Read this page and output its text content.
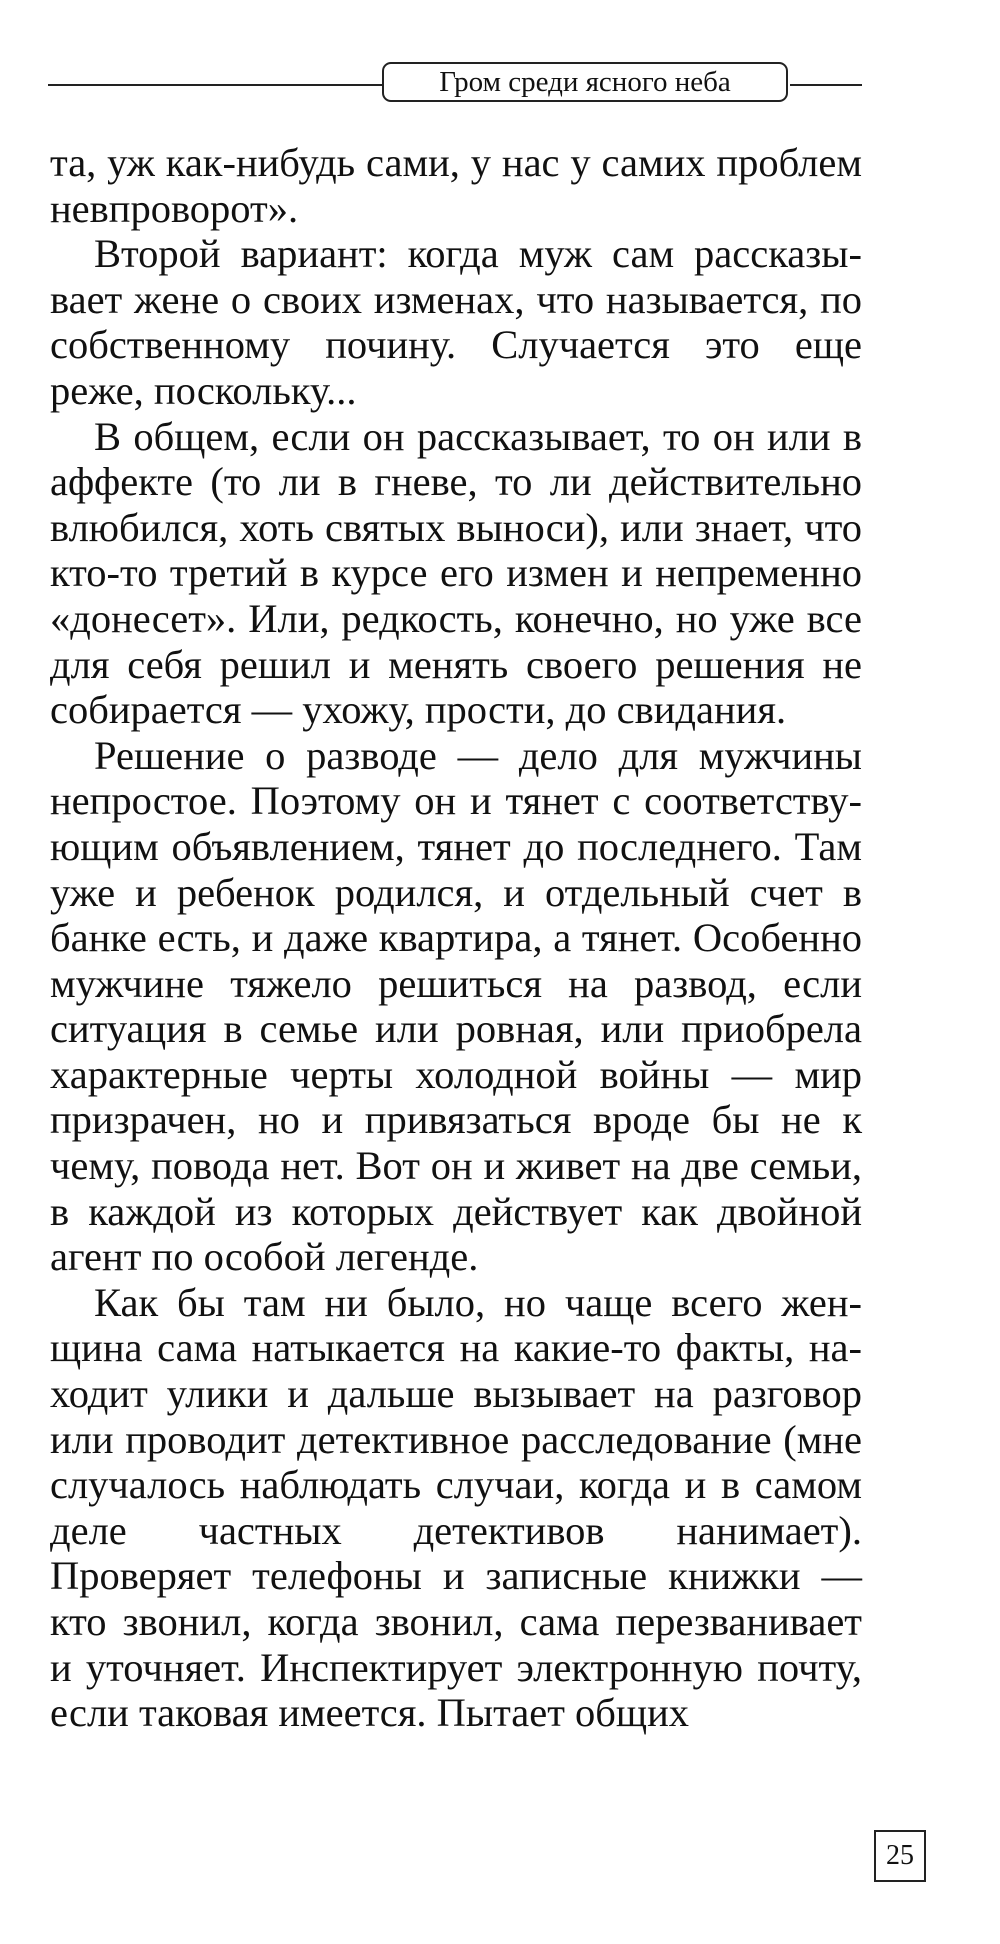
Гром среди ясного неба

та, уж как-нибудь сами, у нас у самих проблем невпроворот».

Второй вариант: когда муж сам рассказывает жене о своих изменах, что называется, по собственному почину. Случается это еще реже, поскольку...

В общем, если он рассказывает, то он или в аффекте (то ли в гневе, то ли действительно влюбился, хоть святых выноси), или знает, что кто-то третий в курсе его измен и непременно «донесет». Или, редкость, конечно, но уже все для себя решил и менять своего решения не собирается — ухожу, прости, до свидания.

Решение о разводе — дело для мужчины непростое. Поэтому он и тянет с соответствующим объявлением, тянет до последнего. Там уже и ребенок родился, и отдельный счет в банке есть, и даже квартира, а тянет. Особенно мужчине тяжело решиться на развод, если ситуация в семье или ровная, или приобрела характерные черты холодной войны — мир призрачен, но и привязаться вроде бы не к чему, повода нет. Вот он и живет на две семьи, в каждой из которых действует как двойной агент по особой легенде.

Как бы там ни было, но чаще всего женщина сама натыкается на какие-то факты, находит улики и дальше вызывает на разговор или проводит детективное расследование (мне случалось наблюдать случаи, когда и в самом деле частных детективов нанимает). Проверяет телефоны и записные книжки — кто звонил, когда звонил, сама перезванивает и уточняет. Инспектирует электронную почту, если таковая имеется. Пытает общих

25
